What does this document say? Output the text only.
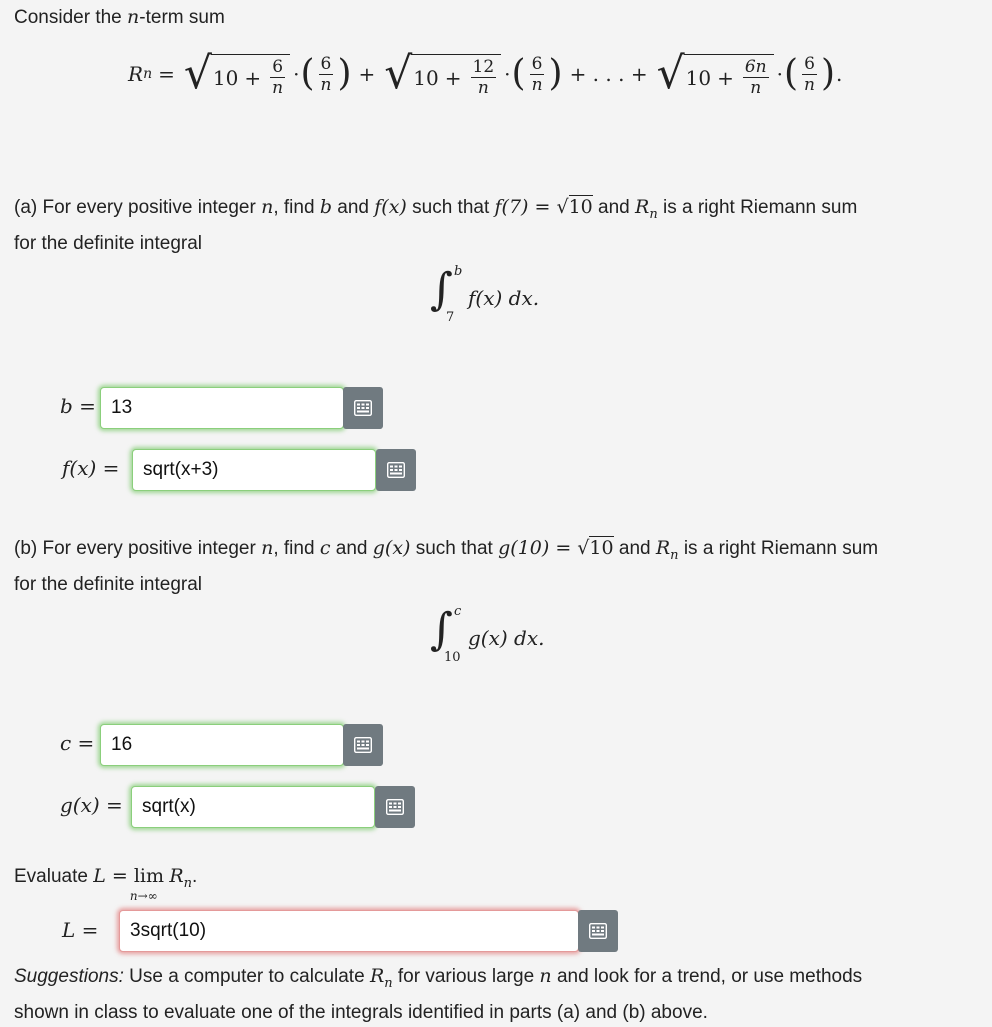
Consider the n-term sum
R n = √ $10 + \frac{6}{n}$ · ( $\frac{6}{n}$ ) + √ $10 + \frac{12}{n}$ · ( $\frac{6}{n}$ ) + . . . + √ $10 + \frac{6n}{n}$ · ( $\frac{6}{n}$ ) .
(a) For every positive integer n, find b and f(x) such that f(7) = √10 and $R_n$ is a right Riemann sum
for the definite integral
∫ b
7
f(x) dx.
b = 13
f(x) =	sqrt(x+3)
(b) For every positive integer n, find c and g(x) such that g(10) = √10 and $R_n$ is a right Riemann sum
for the definite integral
∫ c
10
g(x) dx.
c = 16
g(x) =	sqrt(x)
Evaluate L = lim
n→∞
$R_n$.
L =	3sqrt(10)
Suggestions: Use a computer to calculate $R_n$ for various large n and look for a trend, or use methods
shown in class to evaluate one of the integrals identified in parts (a) and (b) above.
